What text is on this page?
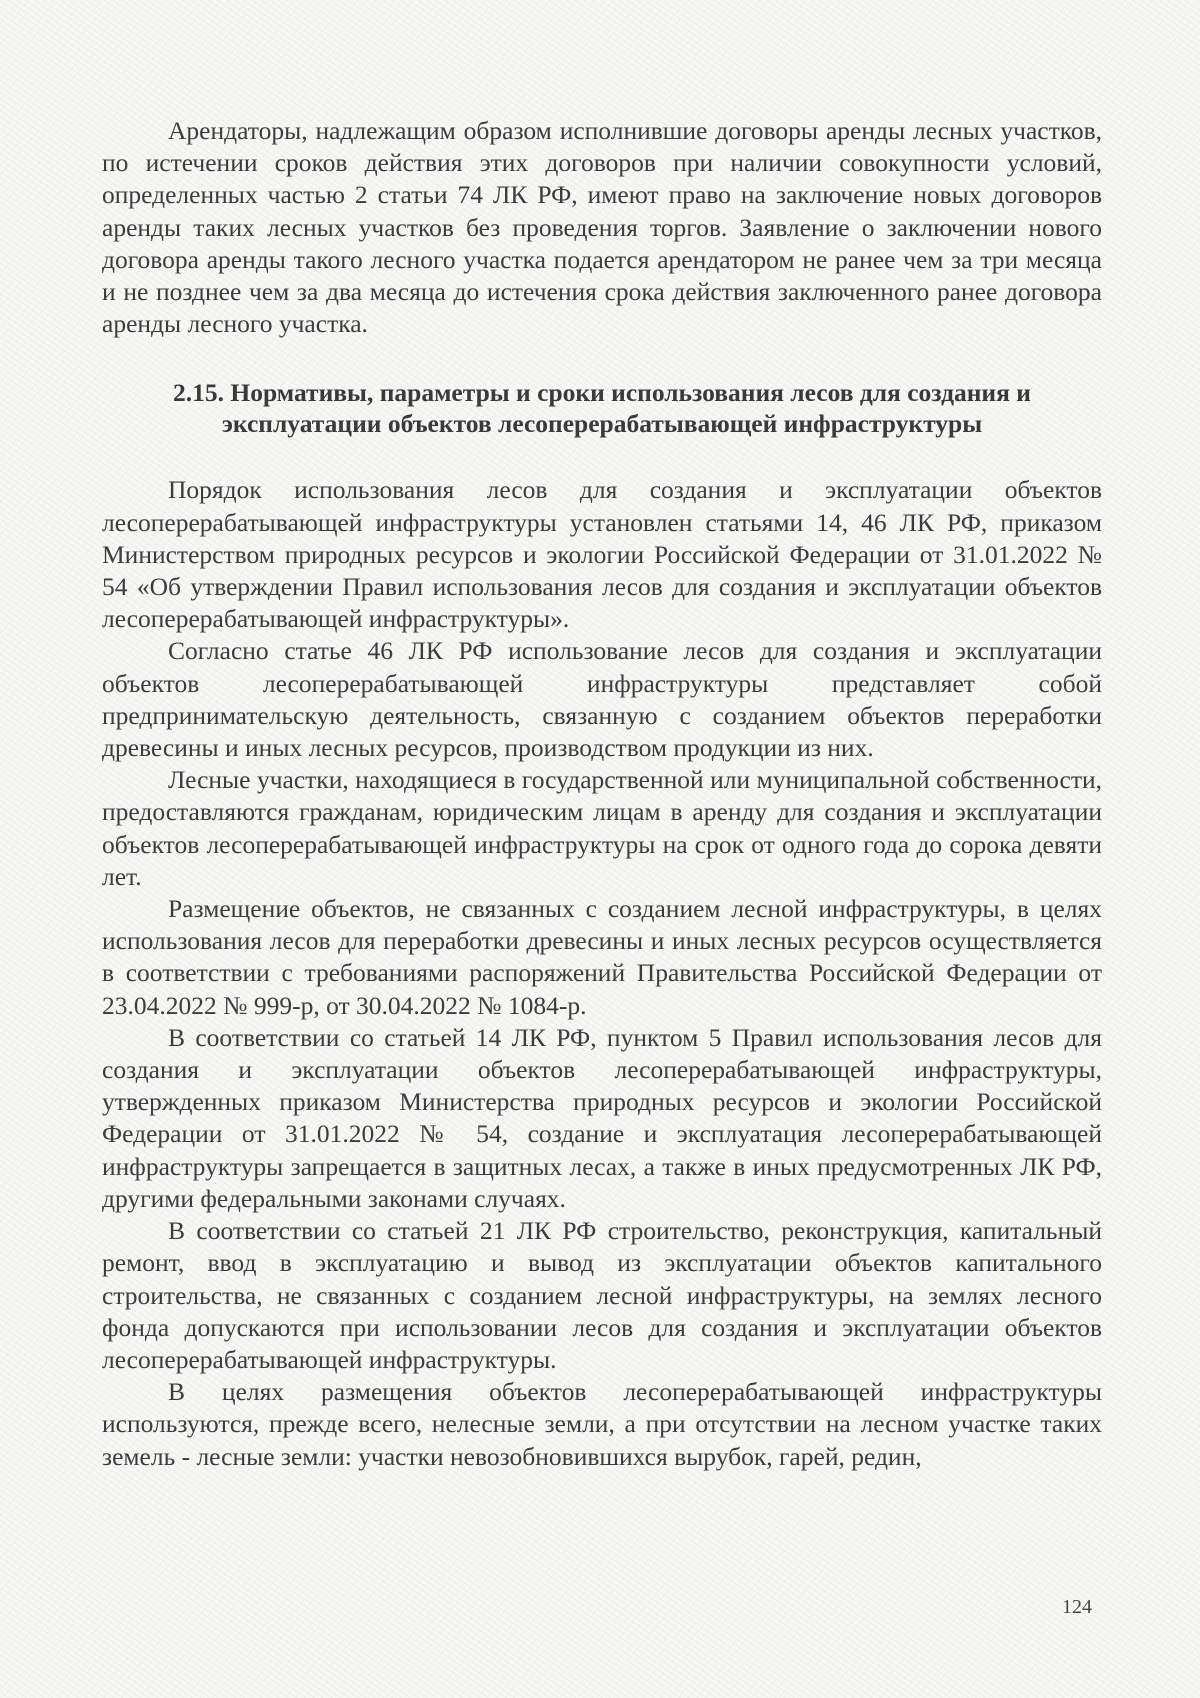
Арендаторы, надлежащим образом исполнившие договоры аренды лесных участков, по истечении сроков действия этих договоров при наличии совокупности условий, определенных частью 2 статьи 74 ЛК РФ, имеют право на заключение новых договоров аренды таких лесных участков без проведения торгов. Заявление о заключении нового договора аренды такого лесного участка подается арендатором не ранее чем за три месяца и не позднее чем за два месяца до истечения срока действия заключенного ранее договора аренды лесного участка.

2.15. Нормативы, параметры и сроки использования лесов для создания и
эксплуатации объектов лесоперерабатывающей инфраструктуры

Порядок использования лесов для создания и эксплуатации объектов лесоперерабатывающей инфраструктуры установлен статьями 14, 46 ЛК РФ, приказом Министерством природных ресурсов и экологии Российской Федерации от 31.01.2022 № 54 «Об утверждении Правил использования лесов для создания и эксплуатации объектов лесоперерабатывающей инфраструктуры».

Согласно статье 46 ЛК РФ использование лесов для создания и эксплуатации объектов лесоперерабатывающей инфраструктуры представляет собой предпринимательскую деятельность, связанную с созданием объектов переработки древесины и иных лесных ресурсов, производством продукции из них.

Лесные участки, находящиеся в государственной или муниципальной собственности, предоставляются гражданам, юридическим лицам в аренду для создания и эксплуатации объектов лесоперерабатывающей инфраструктуры на срок от одного года до сорока девяти лет.

Размещение объектов, не связанных с созданием лесной инфраструктуры, в целях использования лесов для переработки древесины и иных лесных ресурсов осуществляется в соответствии с требованиями распоряжений Правительства Российской Федерации от 23.04.2022 № 999-р, от 30.04.2022 № 1084-р.

В соответствии со статьей 14 ЛК РФ, пунктом 5 Правил использования лесов для создания и эксплуатации объектов лесоперерабатывающей инфраструктуры, утвержденных приказом Министерства природных ресурсов и экологии Российской Федерации от 31.01.2022 № 54, создание и эксплуатация лесоперерабатывающей инфраструктуры запрещается в защитных лесах, а также в иных предусмотренных ЛК РФ, другими федеральными законами случаях.

В соответствии со статьей 21 ЛК РФ строительство, реконструкция, капитальный ремонт, ввод в эксплуатацию и вывод из эксплуатации объектов капитального строительства, не связанных с созданием лесной инфраструктуры, на землях лесного фонда допускаются при использовании лесов для создания и эксплуатации объектов лесоперерабатывающей инфраструктуры.

В целях размещения объектов лесоперерабатывающей инфраструктуры используются, прежде всего, нелесные земли, а при отсутствии на лесном участке таких земель - лесные земли: участки невозобновившихся вырубок, гарей, редин,

124
